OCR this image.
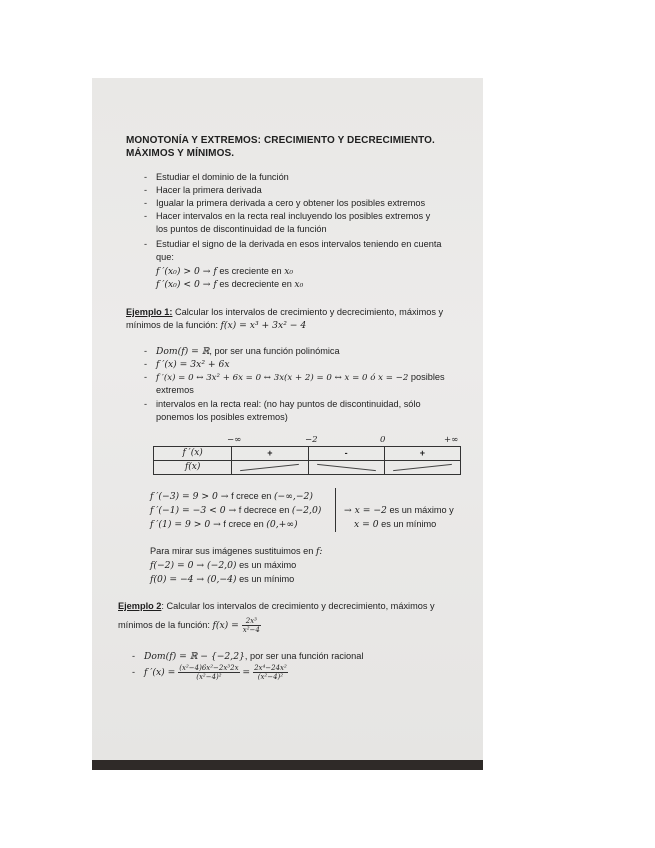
MONOTONÍA Y EXTREMOS: CRECIMIENTO Y DECRECIMIENTO.
MÁXIMOS Y MÍNIMOS.
- Estudiar el dominio de la función
- Hacer la primera derivada
- Igualar la primera derivada a cero y obtener los posibles extremos
- Hacer intervalos en la recta real incluyendo los posibles extremos y
los puntos de discontinuidad de la función
- Estudiar el signo de la derivada en esos intervalos teniendo en cuenta
que:
f ′(x₀) > 0 → f es creciente en x₀
f ′(x₀) < 0 → f es decreciente en x₀
Ejemplo 1: Calcular los intervalos de crecimiento y decrecimiento, máximos y
mínimos de la función: f(x) = x³ + 3x² − 4
- Dom(f) = ℝ, por ser una función polinómica
- f ′(x) = 3x² + 6x
- f ′(x) = 0 ↔ 3x² + 6x = 0 ↔ 3x(x + 2) = 0 ↔ x = 0 ó x = −2 posibles
extremos
- intervalos en la recta real: (no hay puntos de discontinuidad, sólo
ponemos los posibles extremos)
−∞	−2	0	+∞
f ′(x)	+	-	+
f(x)	

f ′(−3) = 9 > 0 → f crece en (−∞,−2)
f ′(−1) = −3 < 0 → f decrece en (−2,0)
f ′(1) = 9 > 0 → f crece en (0,+∞)
→ x = −2 es un máximo y
x = 0 es un mínimo
Para mirar sus imágenes sustituimos en f:
f(−2) = 0 → (−2,0) es un máximo
f(0) = −4 → (0,−4) es un mínimo
Ejemplo 2: Calcular los intervalos de crecimiento y decrecimiento, máximos y
mínimos de la función: $f(x) = \frac{\text{2x³}}{\text{x²−4}}$
- Dom(f) = ℝ − {−2,2}, por ser una función racional
- f $'(x) = \frac{\text{(x²−4)6x²−2x³2x}}{\text{(x²−4)²}} = \frac{\text{2x⁴−24x²}}{\text{(x²−4)²}}$
